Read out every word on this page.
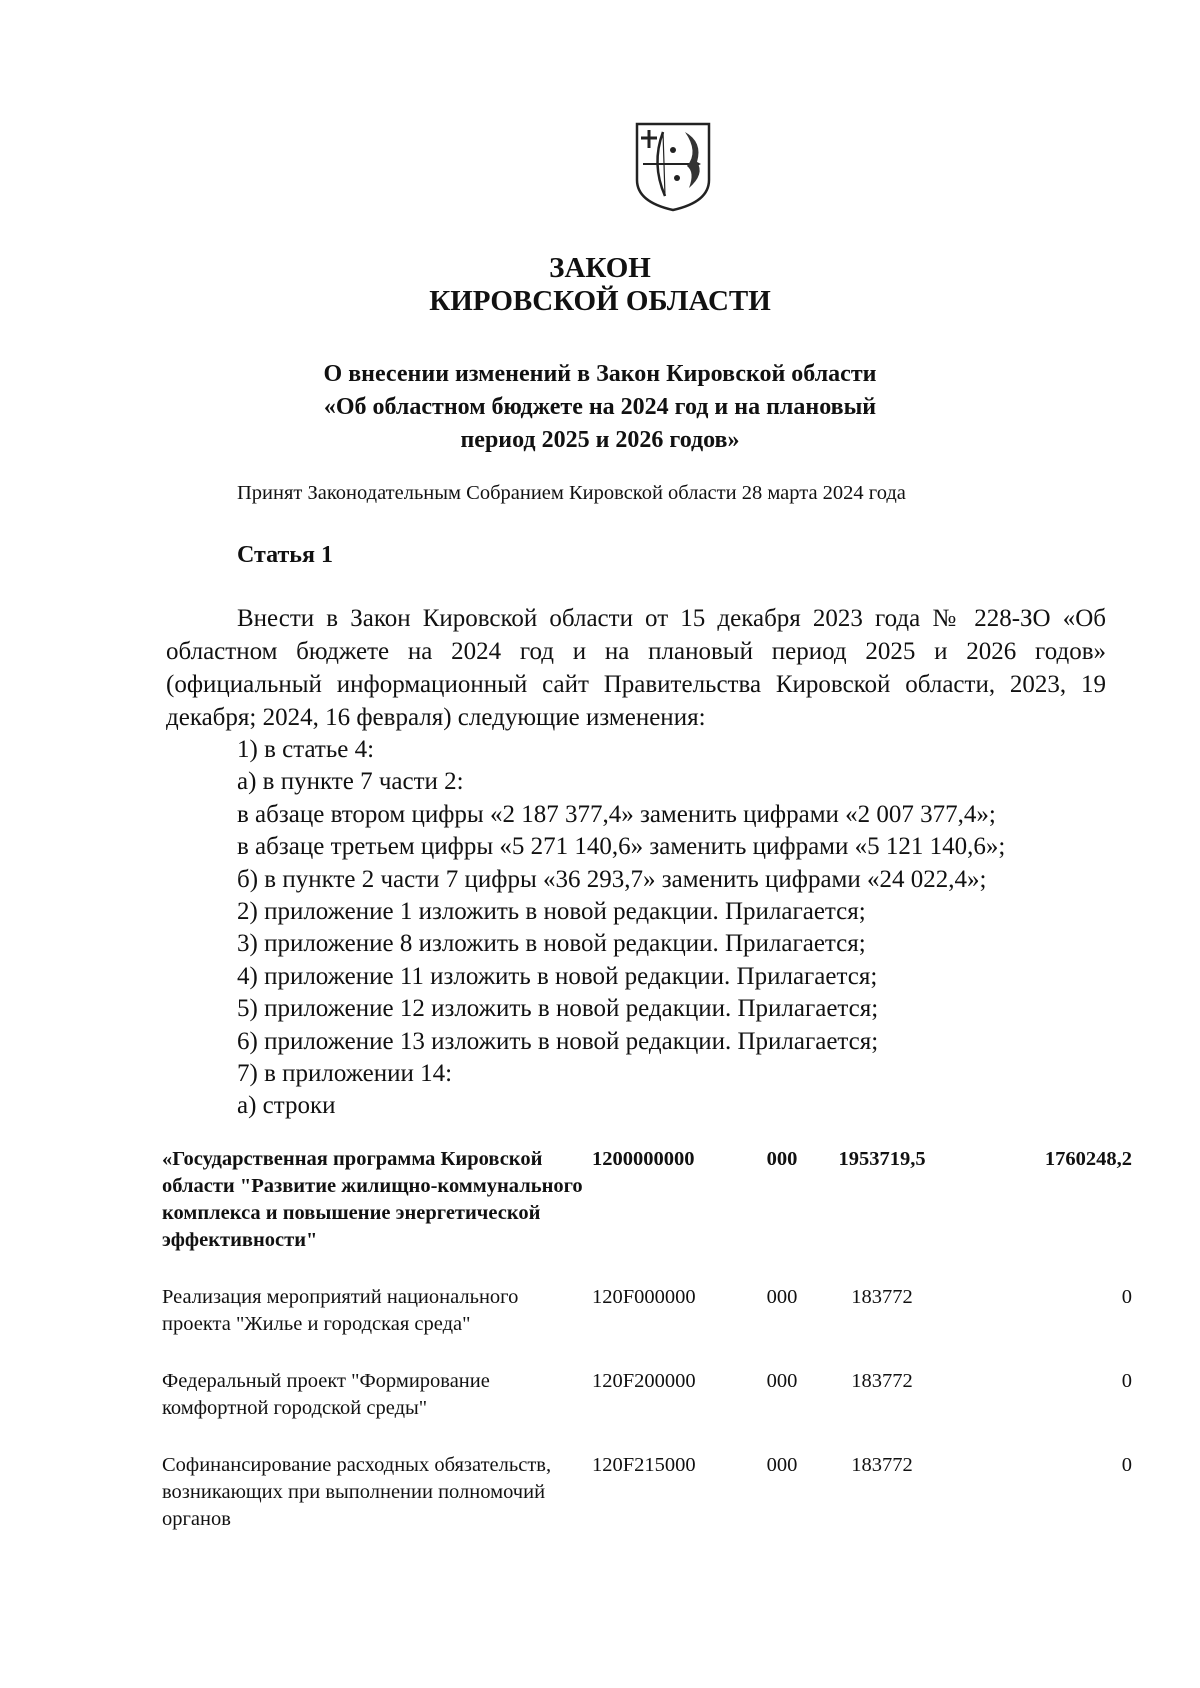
ЗАКОН
КИРОВСКОЙ ОБЛАСТИ
О внесении изменений в Закон Кировской области
«Об областном бюджете на 2024 год и на плановый
период 2025 и 2026 годов»
Принят Законодательным Собранием Кировской области 28 марта 2024 года
Статья 1
Внести в Закон Кировской области от 15 декабря 2023 года № 228-ЗО «Об областном бюджете на 2024 год и на плановый период 2025 и 2026 годов» (официальный информационный сайт Правительства Кировской области, 2023, 19 декабря; 2024, 16 февраля) следующие изменения:
1) в статье 4:
а) в пункте 7 части 2:
в абзаце втором цифры «2 187 377,4» заменить цифрами «2 007 377,4»;
в абзаце третьем цифры «5 271 140,6» заменить цифрами «5 121 140,6»;
б) в пункте 2 части 7 цифры «36 293,7» заменить цифрами «24 022,4»;
2) приложение 1 изложить в новой редакции. Прилагается;
3) приложение 8 изложить в новой редакции. Прилагается;
4) приложение 11 изложить в новой редакции. Прилагается;
5) приложение 12 изложить в новой редакции. Прилагается;
6) приложение 13 изложить в новой редакции. Прилагается;
7) в приложении 14:
а) строки
«Государственная программа Кировской области "Развитие жилищно-коммунального комплекса и повышение энергетической эффективности"	1200000000	000	1953719,5	1760248,2

Реализация мероприятий национального проекта "Жилье и городская среда"	120F000000	000	183772	0

Федеральный проект "Формирование комфортной городской среды"	120F200000	000	183772	0

Софинансирование расходных обязательств, возникающих при выполнении полномочий органов	120F215000	000	183772	0
